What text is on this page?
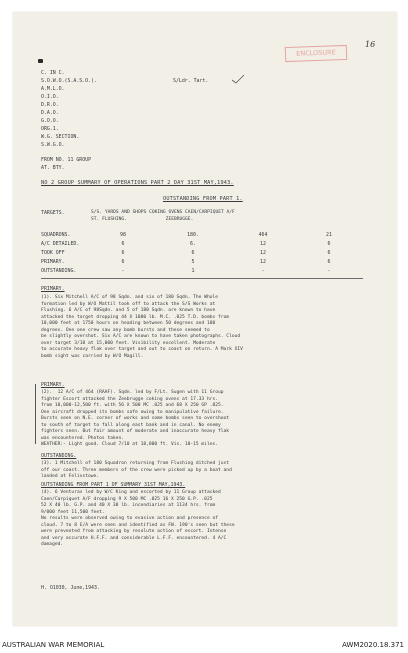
ENCLOSURE
16
C. IN C.
S.O.W.O.(S.A.S.O.).
A.M.L.O.
O.I.O.
D.R.O.
D.A.O.
G.O.O.
ORG.1.
W.G. SECTION.
S.W.G.O.
S/Ldr. Tart.
FROM NO. 11 GROUP
AT. BTY.
NO 2 GROUP SUMMARY OF OPERATIONS PART 2 DAY 31ST MAY,1943.
OUTSTANDING FROM PART 1.
TARGETS.	S/S. YARDS AND SHOPS COKING OVENS CAEN/CARPIQUET A/F
ST. FLUSHING.              ZEEBRUGGE.
SQUADRONS.	98	180.	464	21
A/C DETAILED.	6	6.	12	6
TOOK OFF	6	6	12	6
PRIMARY.	6	5	12	6
OUTSTANDING.	-	1	-	-
PRIMARY.
(1). Six Mitchell A/C of 98 Sqdn. and six of 180 Sqdn. The Whole
formation led by W/O Mattil took off to attack the S/S Works at
Flushing. 6 A/C of 98Sqdn. and 5 of 180 Sqdn. are known to have
attacked the target dropping 44 X 1000 lb. M.C. .025 T.D. bombs from
10,000 feet at 1750 hours on heading between 50 degrees and 180
degrees. One one crew saw any bomb bursts and these seemed to
be slightly overshot. Six A/C are known to have taken photographs. Cloud
over target 3/10 at 15,000 feet. Visibility excellent. Moderate
to accurate heavy flak over target and out to coast on return. A Mark XIV
bomb sight was carried by W/O Magill.
PRIMARY.
(2).  12 A/C of 464 (RAAF). Sqdn. led by F/Lt. Sugen with 11 Group
fighter Escort attacked the Zeebrugge coking ovens at 17.33 hrs.
from 10,000-12,500 ft. with 56 X 500 MC .025 and 68 X 250 GP .025.
One aircraft dropped its bombs safe owing to manipulative failure.
Bursts seen on N.E. corner of works and some bombs seen to overshoot
to south of target to fall along east bank and in canal. No enemy
fighters seen. But fair amount of moderate and inaccurate heavy flak
was encountered. Photos taken.
WEATHER:- Light good. Cloud 7/10 at 18,000 ft. Vis. 10-15 miles.
OUTSTANDING.
(3). 1 Mitchell of 180 Squadron returning from Flushing ditched just
off our coast. Three members of the crew were picked up by a boat and
landed at Felixstowe.
OUTSTANDING FROM PART 1 OF SUMMARY 31ST MAY,1943.
(4). 6 Venturas led by W/C King and escorted by 11 Group attacked
Caen/Carpiquet A/F dropping 9 X 500 MC .025 16 X 250 G.P. .025
52 X 40 lb. G.P. and 40 X 30 lb. incendiaries at 1134 hrs. from
9/000 feet 11,500 feet.
No results were observed owing to evasive action and presence of
cloud. 7 to 8 E/A were seen and identified as FW. 190's seen but these
were prevented from attacking by resolute action of escort. Intense
and very accurate H.F.F. and considerable L.F.F. encountered. 4 A/C
damaged.
H. O1030, June,1943.
AUSTRALIAN WAR MEMORIAL	AWM2020.18.371
